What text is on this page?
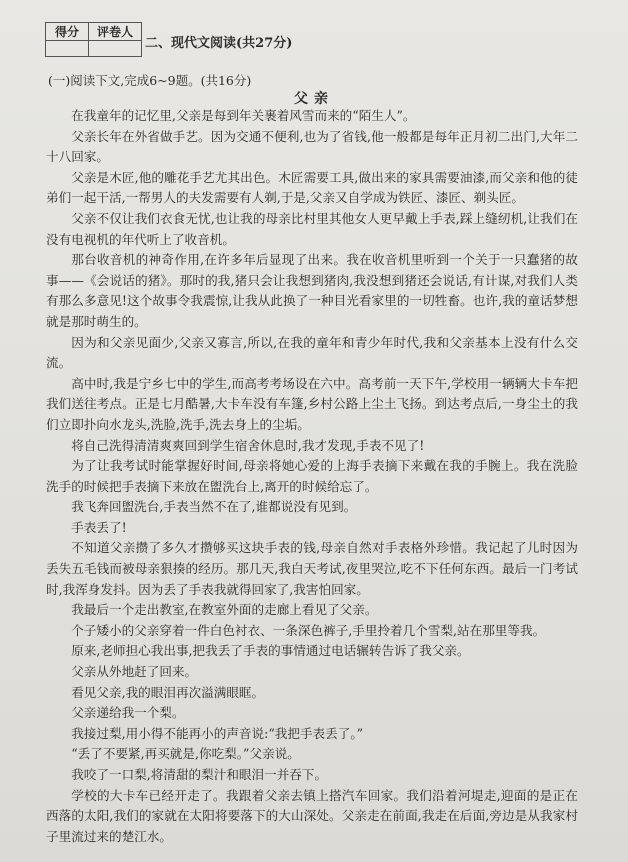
得分	评卷人

二、现代文阅读(共27分)
(一)阅读下文,完成6~9题。(共16分)
父亲

在我童年的记忆里,父亲是每到年关裹着风雪而来的“陌生人”。

父亲长年在外省做手艺。因为交通不便利,也为了省钱,他一般都是每年正月初二出门,大年二十八回家。

父亲是木匠,他的雕花手艺尤其出色。木匠需要工具,做出来的家具需要油漆,而父亲和他的徒弟们一起干活,一帮男人的夫发需要有人剃,于是,父亲又自学成为铁匠、漆匠、剃头匠。

父亲不仅让我们衣食无忧,也让我的母亲比村里其他女人更早戴上手表,踩上缝纫机,让我们在没有电视机的年代听上了收音机。

那台收音机的神奇作用,在许多年后显现了出来。我在收音机里听到一个关于一只蠢猪的故事——《会说话的猪》。那时的我,猪只会让我想到猪肉,我没想到猪还会说话,有计谋,对我们人类有那么多意见!这个故事令我震惊,让我从此换了一种目光看家里的一切牲畜。也许,我的童话梦想就是那时萌生的。

因为和父亲见面少,父亲又寡言,所以,在我的童年和青少年时代,我和父亲基本上没有什么交流。

高中时,我是宁乡七中的学生,而高考考场设在六中。高考前一天下午,学校用一辆辆大卡车把我们送往考点。正是七月酷暑,大卡车没有车篷,乡村公路上尘土飞扬。到达考点后,一身尘土的我们立即扑向水龙头,洗脸,洗手,洗去身上的尘垢。

将自己洗得清清爽爽回到学生宿舍休息时,我才发现,手表不见了!

为了让我考试时能掌握好时间,母亲将她心爱的上海手表摘下来戴在我的手腕上。我在洗脸洗手的时候把手表摘下来放在盥洗台上,离开的时候给忘了。

我飞奔回盥洗台,手表当然不在了,谁都说没有见到。

手表丢了!

不知道父亲攒了多久才攒够买这块手表的钱,母亲自然对手表格外珍惜。我记起了儿时因为丢失五毛钱而被母亲狠揍的经历。那几天,我白天考试,夜里哭泣,吃不下任何东西。最后一门考试时,我浑身发抖。因为丢了手表我就得回家了,我害怕回家。

我最后一个走出教室,在教室外面的走廊上看见了父亲。

个子矮小的父亲穿着一件白色衬衣、一条深色裤子,手里拎着几个雪梨,站在那里等我。

原来,老师担心我出事,把我丢了手表的事情通过电话辗转告诉了我父亲。

父亲从外地赶了回来。

看见父亲,我的眼泪再次溢满眼眶。

父亲递给我一个梨。

我接过梨,用小得不能再小的声音说:“我把手表丢了。”

“丢了不要紧,再买就是,你吃梨。”父亲说。

我咬了一口梨,将清甜的梨汁和眼泪一并吞下。

学校的大卡车已经开走了。我跟着父亲去镇上搭汽车回家。我们沿着河堤走,迎面的是正在西落的太阳,我们的家就在太阳将要落下的大山深处。父亲走在前面,我走在后面,旁边是从我家村子里流过来的楚江水。
